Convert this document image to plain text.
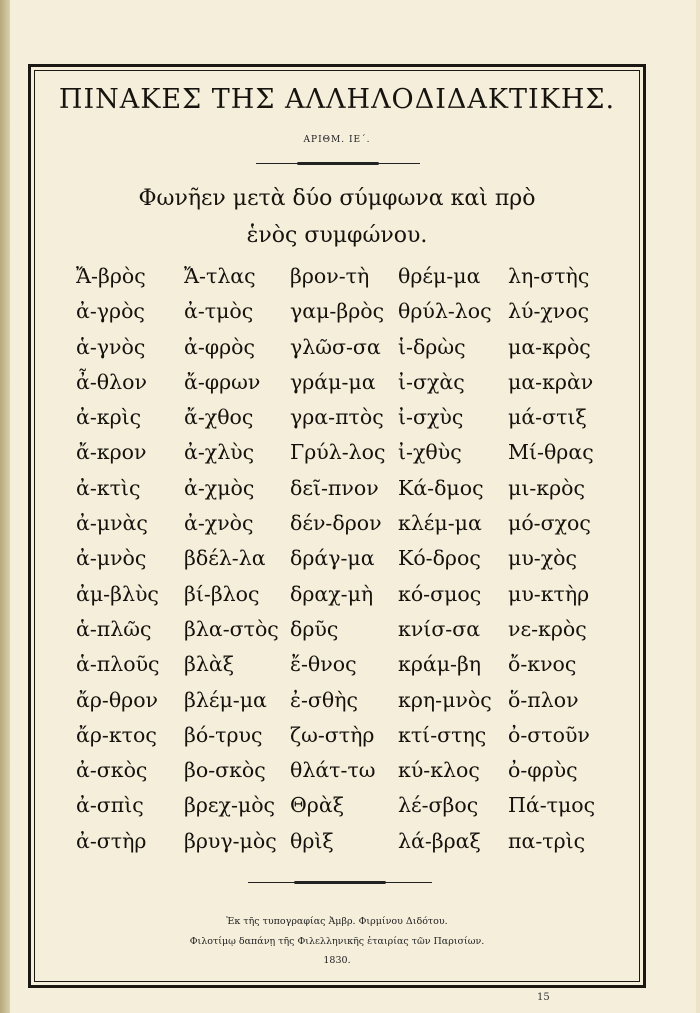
ΠΙΝΑΚΕΣ ΤΗΣ ΑΛΛΗΛΟΔΙΔΑΚΤΙΚΗΣ.
ΑΡΙΘΜ. ΙΕ΄.
Φωνῆεν μετὰ δύο σύμφωνα καὶ πρὸ
ἑνὸς συμφώνου.
Ἄ-βρὸς Ἄ-τλας βρον-τὴ θρέμ-μα λη-στὴς
ἀ-γρὸς ἀ-τμὸς γαμ-βρὸς θρύλ-λος λύ-χνος
ἁ-γνὸς ἀ-φρὸς γλῶσ-σα ἱ-δρὼς μα-κρὸς
ἆ-θλον ἄ-φρων γράμ-μα ἰ-σχὰς μα-κρὰν
ἀ-κρὶς ἄ-χθος γρα-πτὸς ἰ-σχὺς μά-στιξ
ἄ-κρον ἀ-χλὺς Γρύλ-λος ἰ-χθὺς Μί-θρας
ἀ-κτὶς ἀ-χμὸς δεῖ-πνον Κά-δμος μι-κρὸς
ἀ-μνὰς ἀ-χνὸς δέν-δρον κλέμ-μα μό-σχος
ἀ-μνὸς βδέλ-λα δράγ-μα Κό-δρος μυ-χὸς
ἀμ-βλὺς βί-βλος δραχ-μὴ κό-σμος μυ-κτὴρ
ἁ-πλῶς βλα-στὸς δρῦς	κνίσ-σα νε-κρὸς
ἁ-πλοῦς βλὰξ	ἔ-θνος κράμ-βη ὄ-κνος
ἄρ-θρον βλέμ-μα ἐ-σθὴς κρη-μνὸς ὅ-πλον
ἄρ-κτος βό-τρυς ζω-στὴρ κτί-στης ὀ-στοῦν
ἀ-σκὸς βο-σκὸς θλάτ-τω κύ-κλος ὀ-φρὺς
ἀ-σπὶς βρεχ-μὸς Θρὰξ	λέ-σβος Πά-τμος
ἀ-στὴρ βρυγ-μὸς θρὶξ	λά-βραξ πα-τρὶς
Ἐκ τῆς τυπογραφίας Ἀμβρ. Φιρμίνου Διδότου.
Φιλοτίμῳ δαπάνῃ τῆς Φιλελληνικῆς ἑταιρίας τῶν Παρισίων.
1830.
15
